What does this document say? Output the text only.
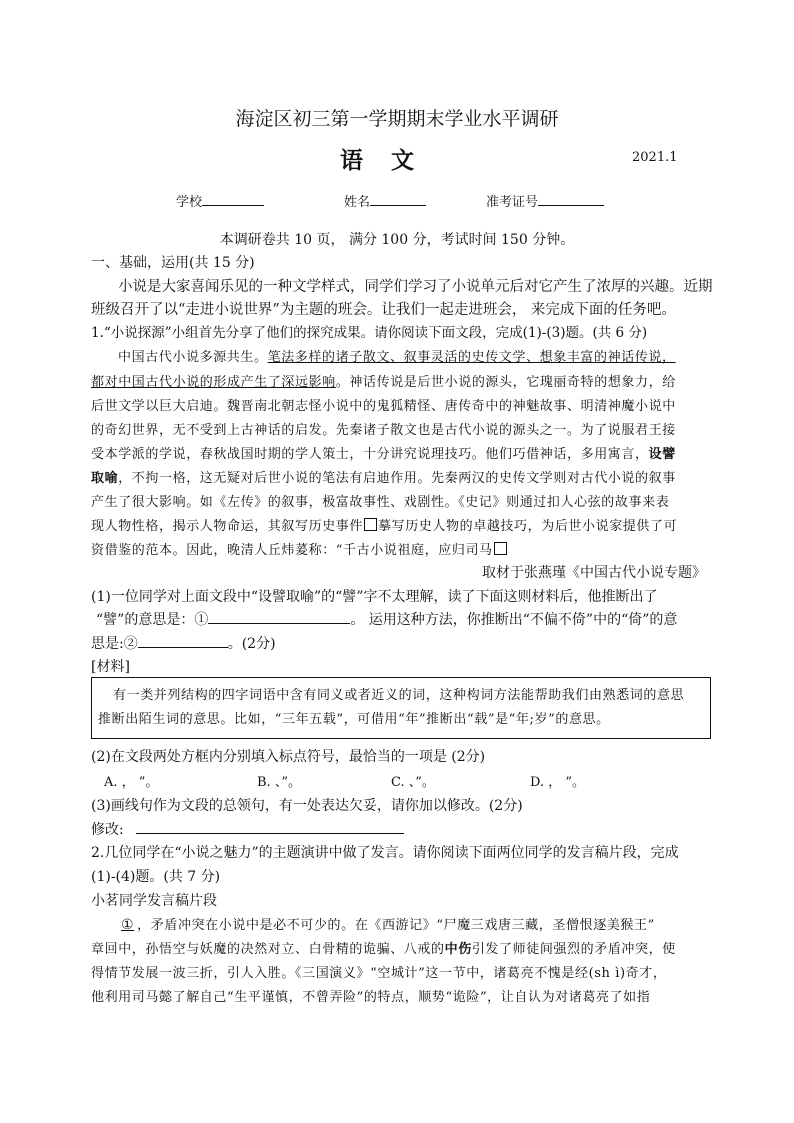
海淀区初三第一学期期末学业水平调研
语文	2021.1
学校	姓名	准考证号
本调研卷共 10 页， 满分 100 分，考试时间 150 分钟。
一、基础，运用(共 15 分)
小说是大家喜闻乐见的一种文学样式，同学们学习了小说单元后对它产生了浓厚的兴趣。近期
班级召开了以“走进小说世界”为主题的班会。让我们一起走进班会， 来完成下面的任务吧。
1.“小说探源”小组首先分享了他们的探究成果。请你阅读下面文段，完成(1)-(3)题。(共 6 分)
中国古代小说多源共生。笔法多样的诸子散文、叙事灵活的史传文学、想象丰富的神话传说，
都对中国古代小说的形成产生了深远影响。神话传说是后世小说的源头，它瑰丽奇特的想象力，给
后世文学以巨大启迪。魏晋南北朝志怪小说中的鬼狐精怪、唐传奇中的神魅故事、明清神魔小说中
的奇幻世界，无不受到上古神话的启发。先秦诸子散文也是古代小说的源头之一。为了说服君王接
受本学派的学说，春秋战国时期的学人策士，十分讲究说理技巧。他们巧借神话，多用寓言，设譬
取喻，不拘一格，这无疑对后世小说的笔法有启迪作用。先秦两汉的史传文学则对古代小说的叙事
产生了很大影响。如《左传》的叙事，极富故事性、戏剧性。《史记》则通过扣人心弦的故事来表
现人物性格，揭示人物命运，其叙写历史事件 摹写历史人物的卓越技巧，为后世小说家提供了可
资借鉴的范本。因此，晚清人丘炜萲称：“千古小说祖庭，应归司马
取材于张燕瑾《中国古代小说专题》
(1)一位同学对上面文段中“设譬取喻”的“譬”字不太理解，读了下面这则材料后，他推断出了
“譬”的意思是：①	。 运用这种方法，你推断出“不偏不倚”中的“倚”的意
思是:②	。(2分)
[材料]
有一类并列结构的四字词语中含有同义或者近义的词，这种构词方法能帮助我们由熟悉词的意思
推断出陌生词的意思。比如，“三年五载”，可借用“年”推断出“载”是“年;岁”的意思。
(2)在文段两处方框内分别填入标点符号，最恰当的一项是 (2分)
A. ， ”。	B. 、”。	C. 、”。	D. ， ”。
(3)画线句作为文段的总领句，有一处表达欠妥，请你加以修改。(2分)
修改:
2.几位同学在“小说之魅力”的主题演讲中做了发言。请你阅读下面两位同学的发言稿片段，完成
(1)-(4)题。(共 7 分)
小茗同学发言稿片段
① ，矛盾冲突在小说中是必不可少的。在《西游记》“尸魔三戏唐三藏，圣僧恨逐美猴王”
章回中，孙悟空与妖魔的决然对立、白骨精的诡骗、八戒的中伤引发了师徒间强烈的矛盾冲突，使
得情节发展一波三折，引人入胜。《三国演义》“空城计”这一节中，诸葛亮不愧是经(sh ì)奇才，
他利用司马懿了解自己“生平谨慎，不曾弄险”的特点，顺势“诡险”，让自认为对诸葛亮了如指
